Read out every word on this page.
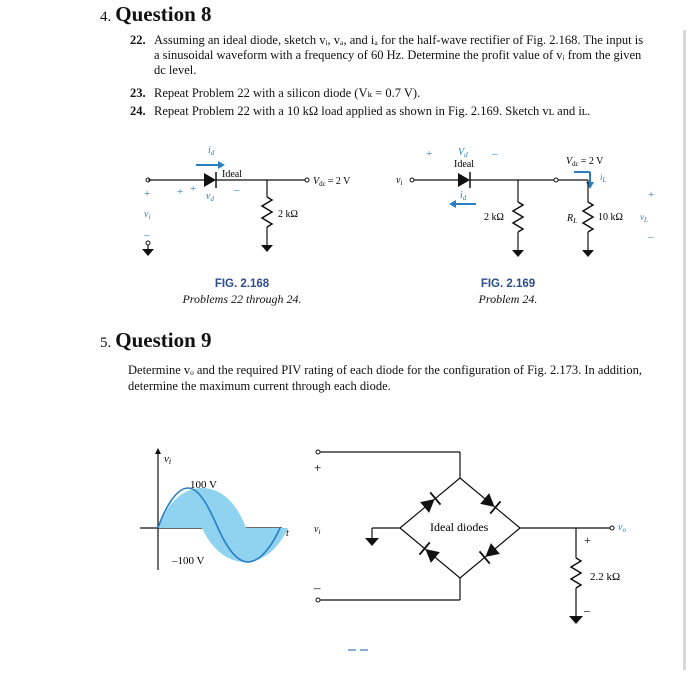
4. Question 8
22. Assuming an ideal diode, sketch vᵢ, vₐ, and iₐ for the half-wave rectifier of Fig. 2.168. The input is a sinusoidal waveform with a frequency of 60 Hz. Determine the profit value of vᵢ from the given dc level.
23. Repeat Problem 22 with a silicon diode (Vₖ = 0.7 V).
24. Repeat Problem 22 with a 10 kΩ load applied as shown in Fig. 2.169. Sketch vʟ and iʟ.
$i_d$
Ideal
+
$v_d$
–
$V_{dc} = 2$ V
2 kΩ
+
$v_i$
–
+
FIG. 2.168
Problems 22 through 24.
+	$V_d$ –
Ideal
$v_i$
$i_d$
2 kΩ
$V_{dc} = 2$ V
$i_L$
$R_L$ 10 kΩ
+
$v_L$
–
FIG. 2.169
Problem 24.
5. Question 9
Determine vₒ and the required PIV rating of each diode for the configuration of Fig. 2.173. In addition, determine the maximum current through each diode.
vi
100 V
–100 V
t
+
$v_i$
–
Ideal diodes	$v_o$
+
2.2 kΩ
–
